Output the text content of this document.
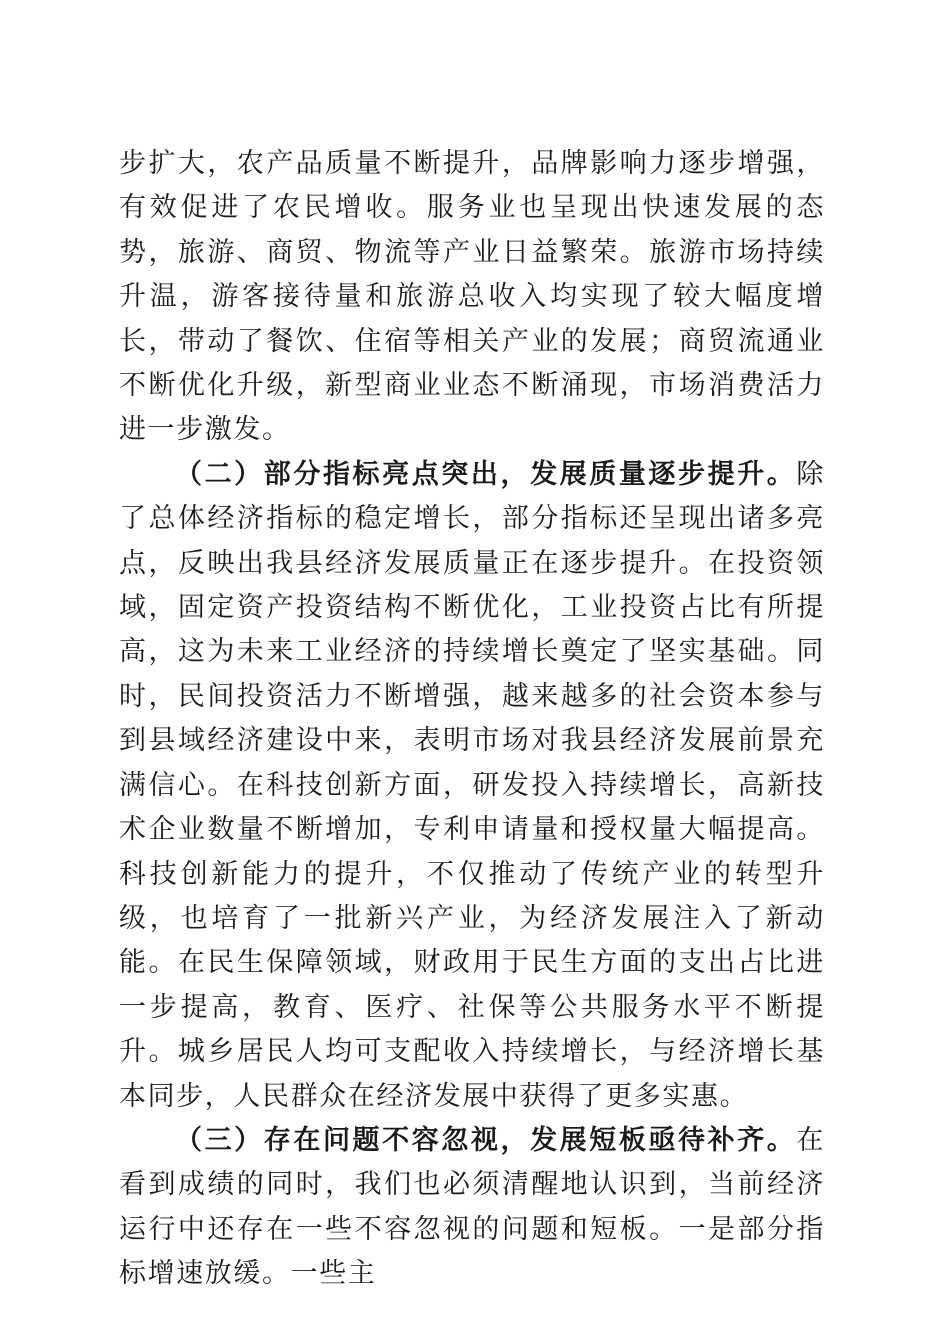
步扩大，农产品质量不断提升，品牌影响力逐步增强，有效促进了农民增收。服务业也呈现出快速发展的态势，旅游、商贸、物流等产业日益繁荣。旅游市场持续升温，游客接待量和旅游总收入均实现了较大幅度增长，带动了餐饮、住宿等相关产业的发展；商贸流通业不断优化升级，新型商业业态不断涌现，市场消费活力进一步激发。

（二）部分指标亮点突出，发展质量逐步提升。除了总体经济指标的稳定增长，部分指标还呈现出诸多亮点，反映出我县经济发展质量正在逐步提升。在投资领域，固定资产投资结构不断优化，工业投资占比有所提高，这为未来工业经济的持续增长奠定了坚实基础。同时，民间投资活力不断增强，越来越多的社会资本参与到县域经济建设中来，表明市场对我县经济发展前景充满信心。在科技创新方面，研发投入持续增长，高新技术企业数量不断增加，专利申请量和授权量大幅提高。科技创新能力的提升，不仅推动了传统产业的转型升级，也培育了一批新兴产业，为经济发展注入了新动能。在民生保障领域，财政用于民生方面的支出占比进一步提高，教育、医疗、社保等公共服务水平不断提升。城乡居民人均可支配收入持续增长，与经济增长基本同步，人民群众在经济发展中获得了更多实惠。

（三）存在问题不容忽视，发展短板亟待补齐。在看到成绩的同时，我们也必须清醒地认识到，当前经济运行中还存在一些不容忽视的问题和短板。一是部分指标增速放缓。一些主
